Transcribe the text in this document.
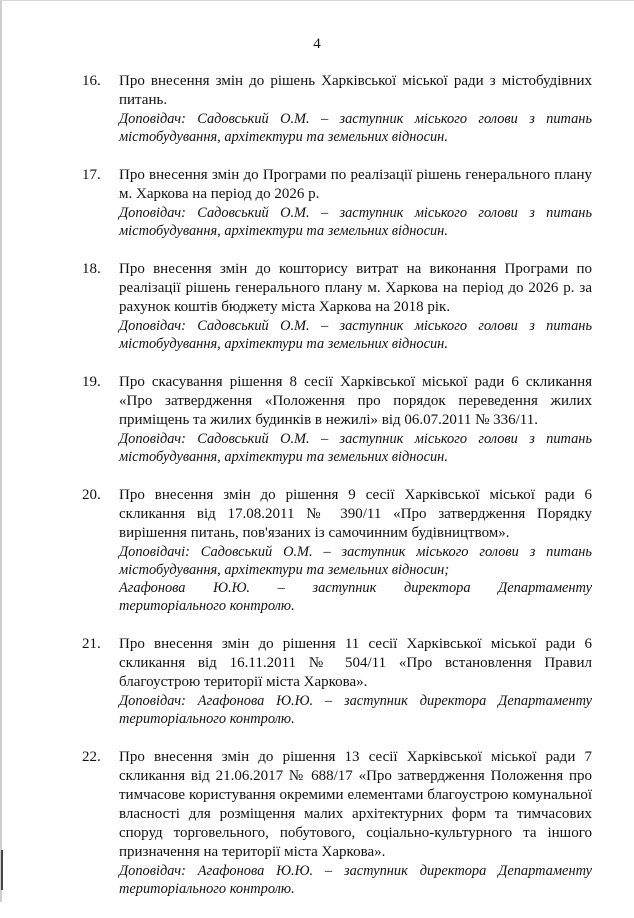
4
16. Про внесення змін до рішень Харківської міської ради з містобудівних питань.

Доповідач: Садовський О.М. – заступник міського голови з питань містобудування, архітектури та земельних відносин.

17. Про внесення змін до Програми по реалізації рішень генерального плану м. Харкова на період до 2026 р.

Доповідач: Садовський О.М. – заступник міського голови з питань містобудування, архітектури та земельних відносин.

18. Про внесення змін до кошторису витрат на виконання Програми по реалізації рішень генерального плану м. Харкова на період до 2026 р. за рахунок коштів бюджету міста Харкова на 2018 рік.

Доповідач: Садовський О.М. – заступник міського голови з питань містобудування, архітектури та земельних відносин.

19. Про скасування рішення 8 сесії Харківської міської ради 6 скликання «Про затвердження «Положення про порядок переведення жилих приміщень та жилих будинків в нежилі» від 06.07.2011 № 336/11.

Доповідач: Садовський О.М. – заступник міського голови з питань містобудування, архітектури та земельних відносин.

20. Про внесення змін до рішення 9 сесії Харківської міської ради 6 скликання від 17.08.2011 № 390/11 «Про затвердження Порядку вирішення питань, пов'язаних із самочинним будівництвом».

Доповідачі: Садовський О.М. – заступник міського голови з питань містобудування, архітектури та земельних відносин;

Агафонова Ю.Ю. – заступник директора Департаменту

територіального контролю.

21. Про внесення змін до рішення 11 сесії Харківської міської ради 6 скликання від 16.11.2011 № 504/11 «Про встановлення Правил благоустрою території міста Харкова».

Доповідач: Агафонова Ю.Ю. – заступник директора Департаменту територіального контролю.

22. Про внесення змін до рішення 13 сесії Харківської міської ради 7 скликання від 21.06.2017 № 688/17 «Про затвердження Положення про тимчасове користування окремими елементами благоустрою комунальної власності для розміщення малих архітектурних форм та тимчасових споруд торговельного, побутового, соціально-культурного та іншого призначення на території міста Харкова».

Доповідач: Агафонова Ю.Ю. – заступник директора Департаменту територіального контролю.
